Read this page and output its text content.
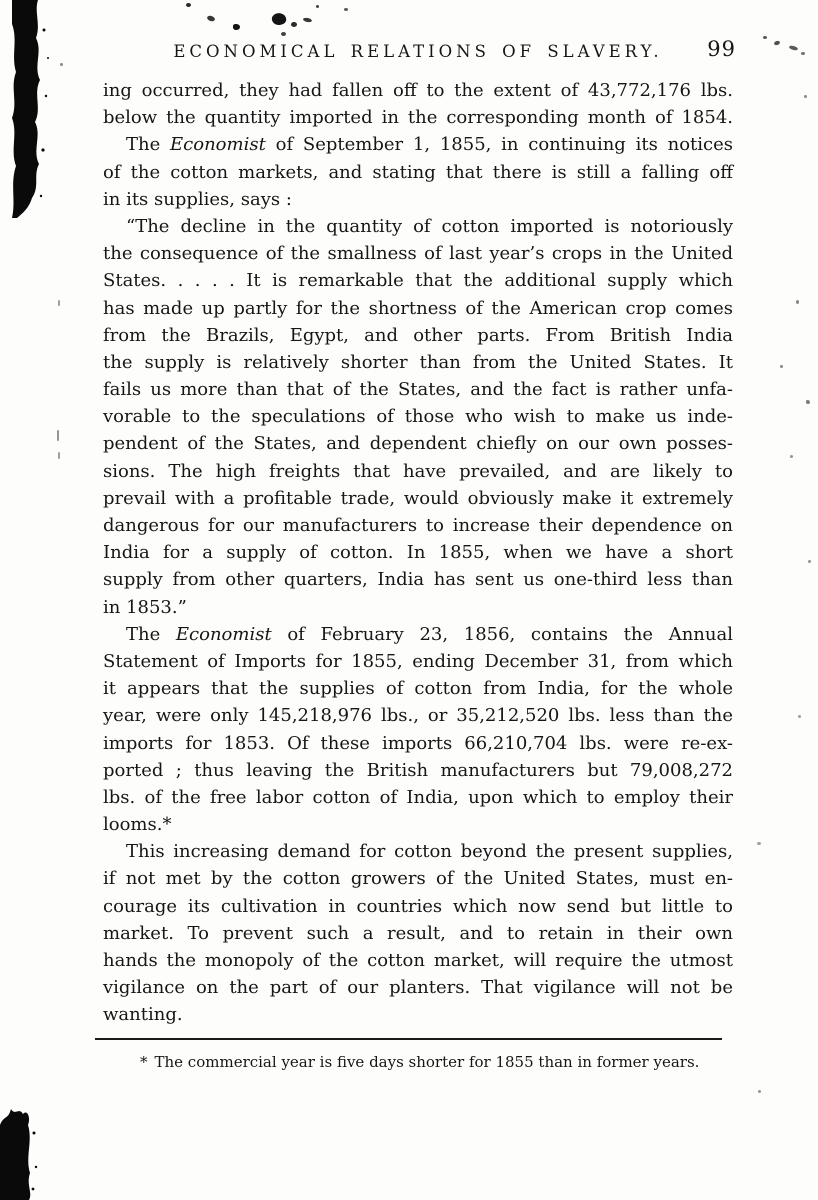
ECONOMICAL RELATIONS OF SLAVERY. 99
ing occurred, they had fallen off to the extent of 43,772,176 lbs.
below the quantity imported in the corresponding month of 1854.
The Economist of September 1, 1855, in continuing its notices
of the cotton markets, and stating that there is still a falling off
in its supplies, says :
“The decline in the quantity of cotton imported is notoriously
the consequence of the smallness of last year’s crops in the United
States. . . . . It is remarkable that the additional supply which
has made up partly for the shortness of the American crop comes
from the Brazils, Egypt, and other parts. From British India
the supply is relatively shorter than from the United States. It
fails us more than that of the States, and the fact is rather unfa-
vorable to the speculations of those who wish to make us inde-
pendent of the States, and dependent chiefly on our own posses-
sions. The high freights that have prevailed, and are likely to
prevail with a profitable trade, would obviously make it extremely
dangerous for our manufacturers to increase their dependence on
India for a supply of cotton. In 1855, when we have a short
supply from other quarters, India has sent us one-third less than
in 1853.”
The Economist of February 23, 1856, contains the Annual
Statement of Imports for 1855, ending December 31, from which
it appears that the supplies of cotton from India, for the whole
year, were only 145,218,976 lbs., or 35,212,520 lbs. less than the
imports for 1853. Of these imports 66,210,704 lbs. were re-ex-
ported ; thus leaving the British manufacturers but 79,008,272
lbs. of the free labor cotton of India, upon which to employ their
looms.*
This increasing demand for cotton beyond the present supplies,
if not met by the cotton growers of the United States, must en-
courage its cultivation in countries which now send but little to
market. To prevent such a result, and to retain in their own
hands the monopoly of the cotton market, will require the utmost
vigilance on the part of our planters. That vigilance will not be
wanting.
* The commercial year is five days shorter for 1855 than in former years.
